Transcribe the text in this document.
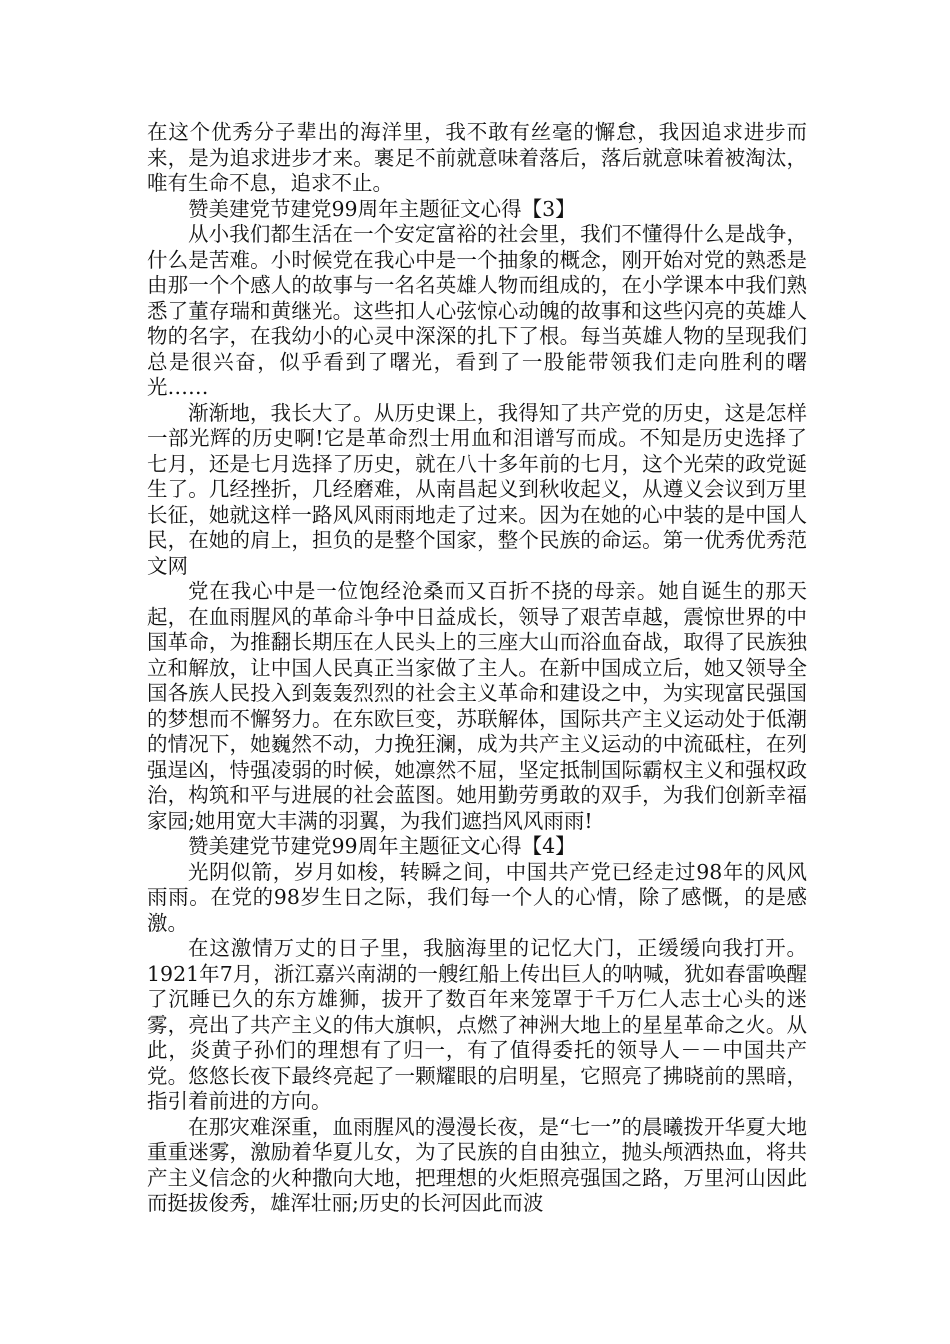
在这个优秀分子辈出的海洋里，我不敢有丝毫的懈怠，我因追求进步而来，是为追求进步才来。裹足不前就意味着落后，落后就意味着被淘汰，唯有生命不息，追求不止。

赞美建党节建党99周年主题征文心得【3】

从小我们都生活在一个安定富裕的社会里，我们不懂得什么是战争，什么是苦难。小时候党在我心中是一个抽象的概念，刚开始对党的熟悉是由那一个个感人的故事与一名名英雄人物而组成的，在小学课本中我们熟悉了董存瑞和黄继光。这些扣人心弦惊心动魄的故事和这些闪亮的英雄人物的名字，在我幼小的心灵中深深的扎下了根。每当英雄人物的呈现我们总是很兴奋，似乎看到了曙光，看到了一股能带领我们走向胜利的曙光……

渐渐地，我长大了。从历史课上，我得知了共产党的历史，这是怎样一部光辉的历史啊!它是革命烈士用血和泪谱写而成。不知是历史选择了七月，还是七月选择了历史，就在八十多年前的七月，这个光荣的政党诞生了。几经挫折，几经磨难，从南昌起义到秋收起义，从遵义会议到万里长征，她就这样一路风风雨雨地走了过来。因为在她的心中装的是中国人民，在她的肩上，担负的是整个国家，整个民族的命运。第一优秀优秀范文网

党在我心中是一位饱经沧桑而又百折不挠的母亲。她自诞生的那天起，在血雨腥风的革命斗争中日益成长，领导了艰苦卓越，震惊世界的中国革命，为推翻长期压在人民头上的三座大山而浴血奋战，取得了民族独立和解放，让中国人民真正当家做了主人。在新中国成立后，她又领导全国各族人民投入到轰轰烈烈的社会主义革命和建设之中，为实现富民强国的梦想而不懈努力。在东欧巨变，苏联解体，国际共产主义运动处于低潮的情况下，她巍然不动，力挽狂澜，成为共产主义运动的中流砥柱，在列强逞凶，恃强凌弱的时候，她凛然不屈，坚定抵制国际霸权主义和强权政治，构筑和平与进展的社会蓝图。她用勤劳勇敢的双手，为我们创新幸福家园;她用宽大丰满的羽翼，为我们遮挡风风雨雨!

赞美建党节建党99周年主题征文心得【4】

光阴似箭，岁月如梭，转瞬之间，中国共产党已经走过98年的风风雨雨。在党的98岁生日之际，我们每一个人的心情，除了感慨，的是感激。

在这激情万丈的日子里，我脑海里的记忆大门，正缓缓向我打开。1921年7月，浙江嘉兴南湖的一艘红船上传出巨人的呐喊，犹如春雷唤醒了沉睡已久的东方雄狮，拔开了数百年来笼罩于千万仁人志士心头的迷雾，亮出了共产主义的伟大旗帜，点燃了神洲大地上的星星革命之火。从此，炎黄子孙们的理想有了归一，有了值得委托的领导人－－中国共产党。悠悠长夜下最终亮起了一颗耀眼的启明星，它照亮了拂晓前的黑暗，指引着前进的方向。

在那灾难深重，血雨腥风的漫漫长夜，是“七一”的晨曦拨开华夏大地重重迷雾，激励着华夏儿女，为了民族的自由独立，抛头颅洒热血，将共产主义信念的火种撒向大地，把理想的火炬照亮强国之路，万里河山因此而挺拔俊秀，雄浑壮丽;历史的长河因此而波
